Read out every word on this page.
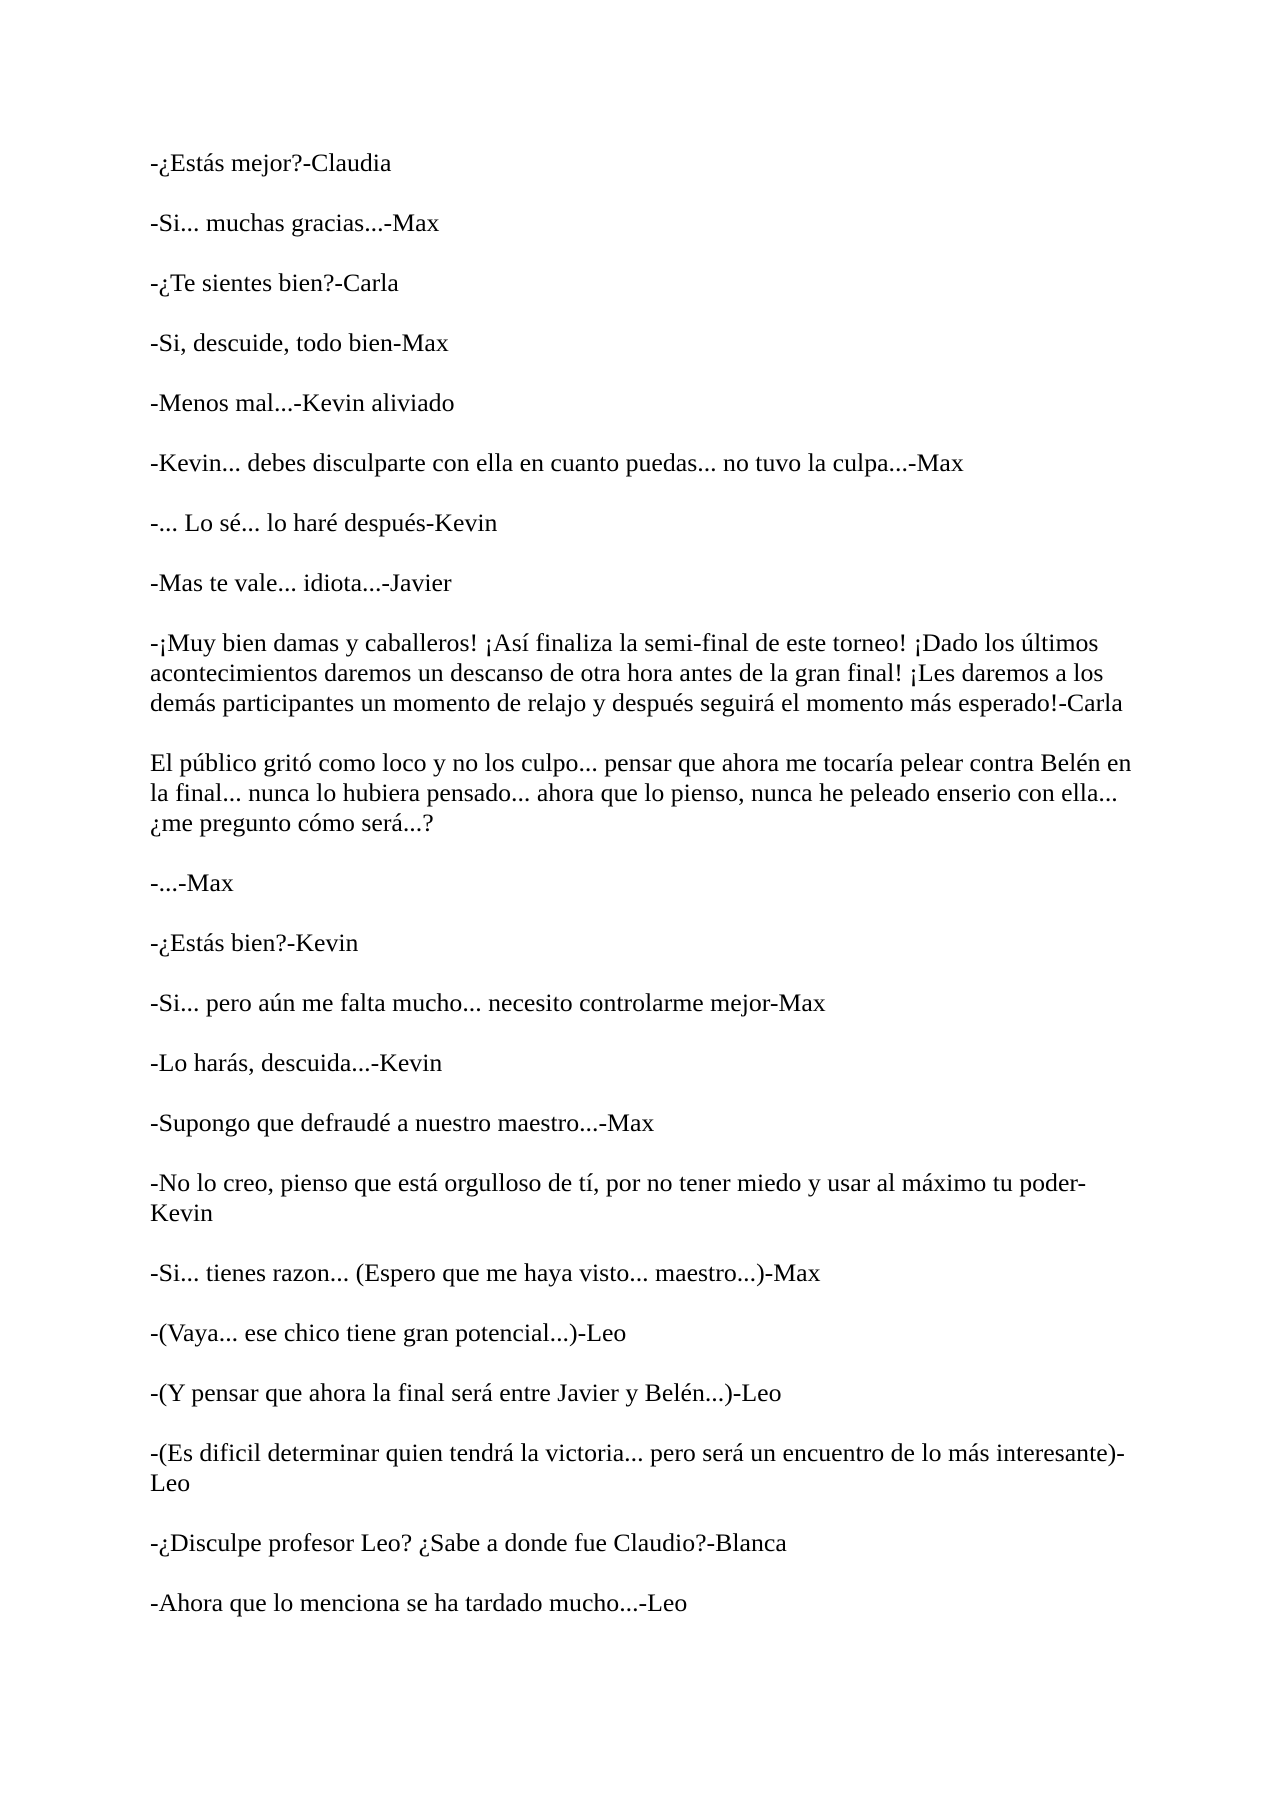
-¿Estás mejor?-Claudia

-Si... muchas gracias...-Max

-¿Te sientes bien?-Carla

-Si, descuide, todo bien-Max

-Menos mal...-Kevin aliviado

-Kevin... debes disculparte con ella en cuanto puedas... no tuvo la culpa...-Max

-... Lo sé... lo haré después-Kevin

-Mas te vale... idiota...-Javier

-¡Muy bien damas y caballeros! ¡Así finaliza la semi-final de este torneo! ¡Dado los últimos acontecimientos daremos un descanso de otra hora antes de la gran final! ¡Les daremos a los demás participantes un momento de relajo y después seguirá el momento más esperado!-Carla

El público gritó como loco y no los culpo... pensar que ahora me tocaría pelear contra Belén en la final... nunca lo hubiera pensado... ahora que lo pienso, nunca he peleado enserio con ella... ¿me pregunto cómo será...?

-...-Max

-¿Estás bien?-Kevin

-Si... pero aún me falta mucho... necesito controlarme mejor-Max

-Lo harás, descuida...-Kevin

-Supongo que defraudé a nuestro maestro...-Max

-No lo creo, pienso que está orgulloso de tí, por no tener miedo y usar al máximo tu poder-Kevin

-Si... tienes razon... (Espero que me haya visto... maestro...)-Max

-(Vaya... ese chico tiene gran potencial...)-Leo

-(Y pensar que ahora la final será entre Javier y Belén...)-Leo

-(Es dificil determinar quien tendrá la victoria... pero será un encuentro de lo más interesante)-Leo

-¿Disculpe profesor Leo? ¿Sabe a donde fue Claudio?-Blanca

-Ahora que lo menciona se ha tardado mucho...-Leo
